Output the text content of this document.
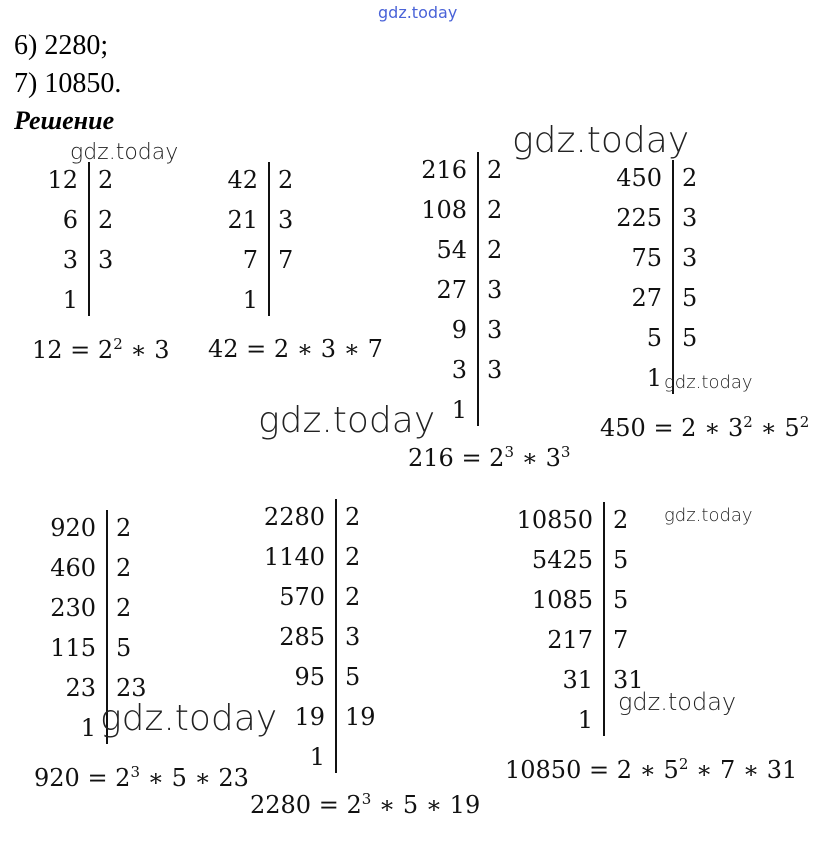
gdz.today
6) 2280;
7) 10850.
Решение
12 2
6 2
3 3
1
$12 = 2^2$ ∗ 3
42 2
21 3
7 7
1
42 = 2 ∗ 3 ∗ 7
216 2
108 2
54 2
27 3
9 3
3 3
1
$216 = 2^3$ ∗ $3^3$
450 2
225 3
75 3
27 5
5 5
1
450 = 2 ∗ $3^2$ ∗ $5^2$
920 2
460 2
230 2
115 5
23 23
1
$920 = 2^3$ ∗ 5 ∗ 23
2280 2
1140 2
570 2
285 3
95 5
19 19
1
$2280 = 2^3$ ∗ 5 ∗ 19
10850 2
5425 5
1085 5
217 7
31 31
1
10850 = 2 ∗ $5^2$ ∗ 7 ∗ 31
gdz.today	gdz.today
gdz.today
gdz.today
gdz.today
gdz.today
gdz.today
